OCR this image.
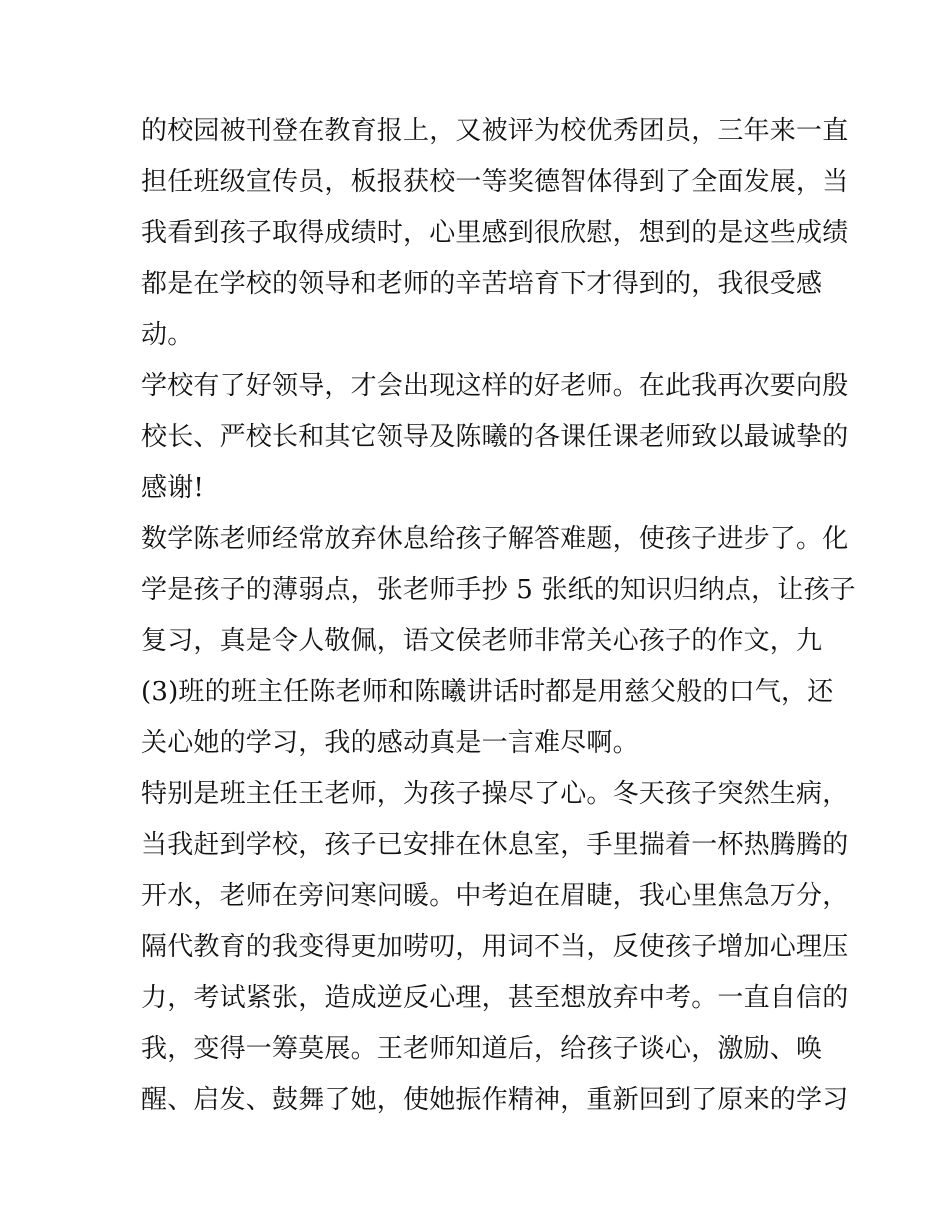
的校园被刊登在教育报上，又被评为校优秀团员，三年来一直
担任班级宣传员，板报获校一等奖德智体得到了全面发展，当
我看到孩子取得成绩时，心里感到很欣慰，想到的是这些成绩
都是在学校的领导和老师的辛苦培育下才得到的，我很受感
动。
学校有了好领导，才会出现这样的好老师。在此我再次要向殷
校长、严校长和其它领导及陈曦的各课任课老师致以最诚挚的
感谢!
数学陈老师经常放弃休息给孩子解答难题，使孩子进步了。化
学是孩子的薄弱点，张老师手抄 5 张纸的知识归纳点，让孩子
复习，真是令人敬佩，语文侯老师非常关心孩子的作文，九
(3)班的班主任陈老师和陈曦讲话时都是用慈父般的口气，还
关心她的学习，我的感动真是一言难尽啊。
特别是班主任王老师，为孩子操尽了心。冬天孩子突然生病，
当我赶到学校，孩子已安排在休息室，手里揣着一杯热腾腾的
开水，老师在旁问寒问暖。中考迫在眉睫，我心里焦急万分，
隔代教育的我变得更加唠叨，用词不当，反使孩子增加心理压
力，考试紧张，造成逆反心理，甚至想放弃中考。一直自信的
我，变得一筹莫展。王老师知道后，给孩子谈心，激励、唤
醒、启发、鼓舞了她，使她振作精神，重新回到了原来的学习
